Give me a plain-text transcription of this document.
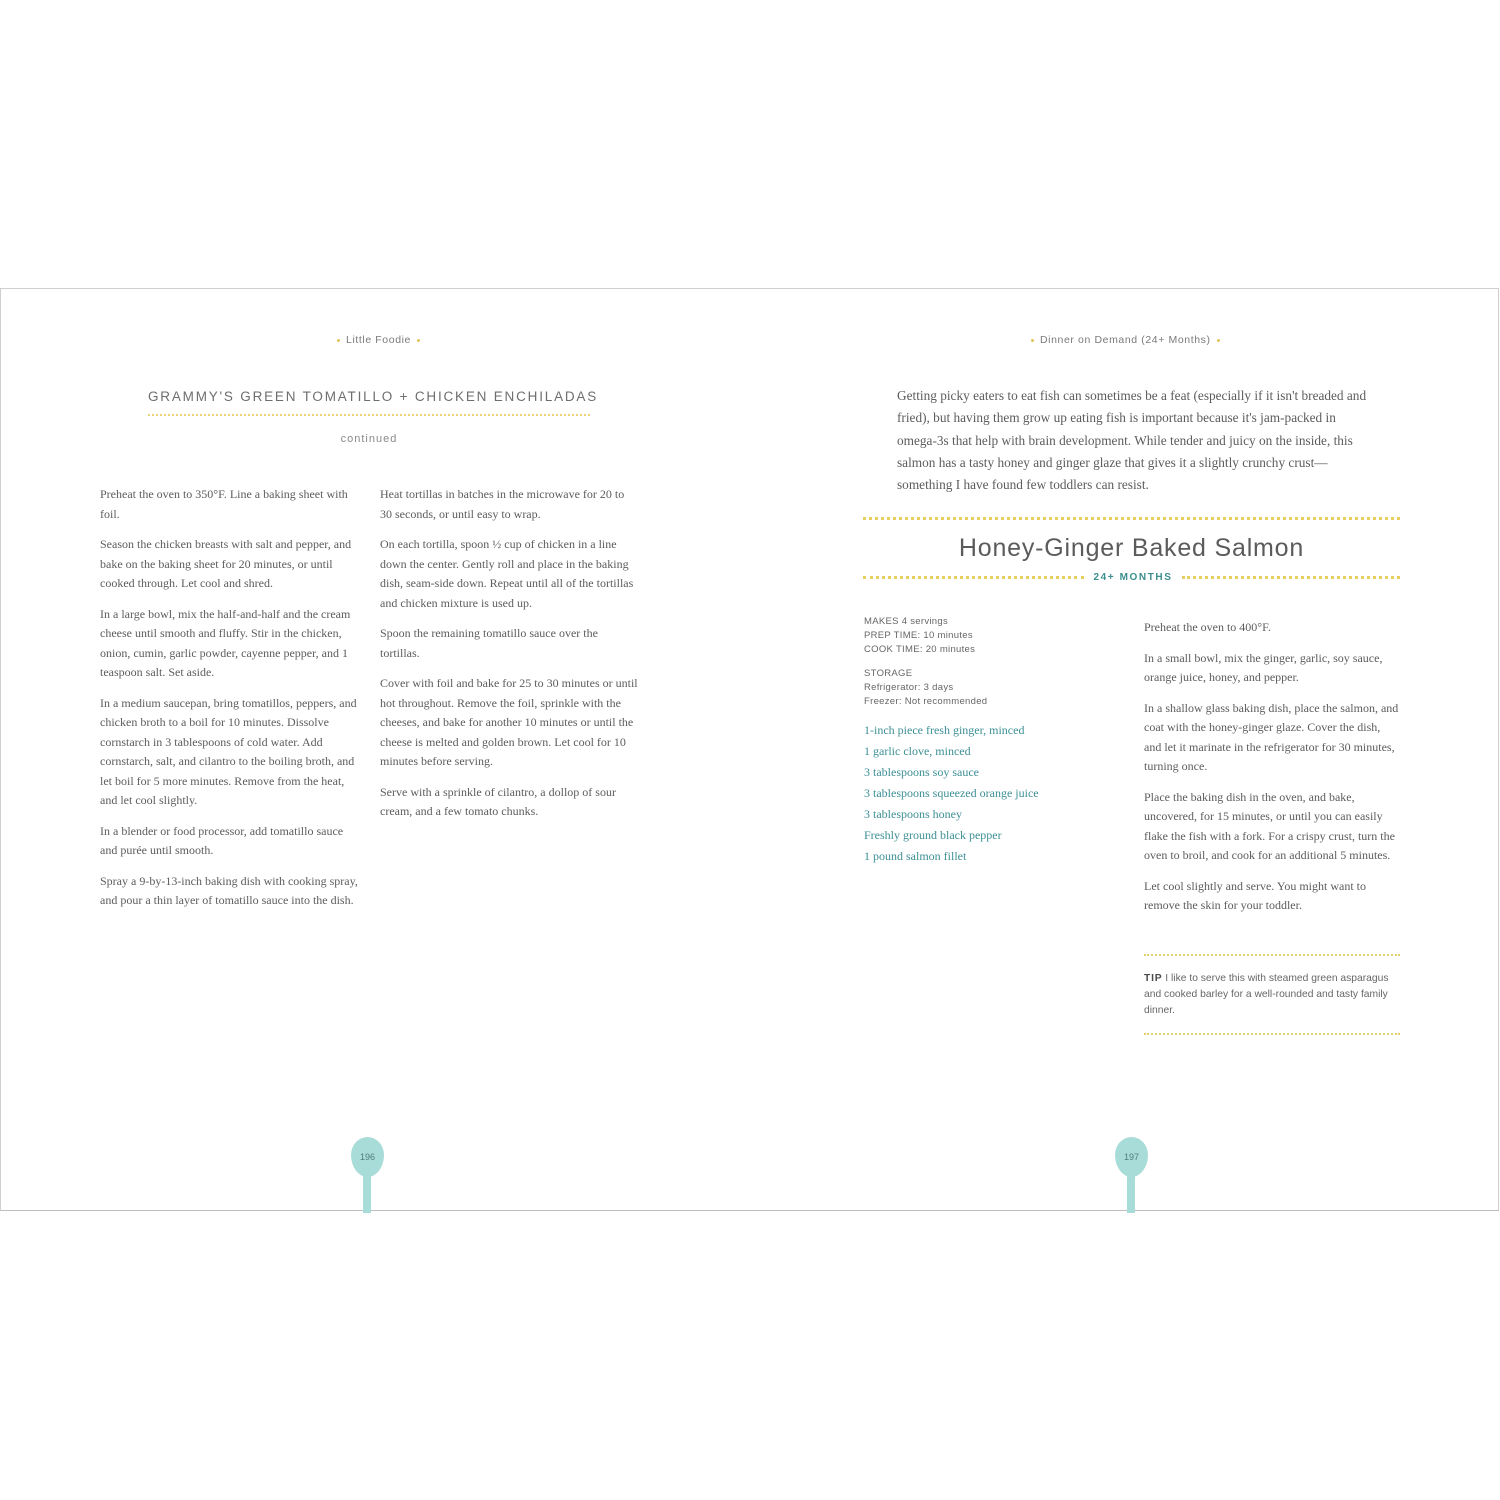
Little Foodie
GRAMMY'S GREEN TOMATILLO + CHICKEN ENCHILADAS
continued

Preheat the oven to 350°F. Line a baking sheet with foil.

Season the chicken breasts with salt and pepper, and bake on the baking sheet for 20 minutes, or until cooked through. Let cool and shred.

In a large bowl, mix the half-and-half and the cream cheese until smooth and fluffy. Stir in the chicken, onion, cumin, garlic powder, cayenne pepper, and 1 teaspoon salt. Set aside.

In a medium saucepan, bring tomatillos, peppers, and chicken broth to a boil for 10 minutes. Dissolve cornstarch in 3 tablespoons of cold water. Add cornstarch, salt, and cilantro to the boiling broth, and let boil for 5 more minutes. Remove from the heat, and let cool slightly.

In a blender or food processor, add tomatillo sauce and purée until smooth.

Spray a 9-by-13-inch baking dish with cooking spray, and pour a thin layer of tomatillo sauce into the dish.

Heat tortillas in batches in the microwave for 20 to 30 seconds, or until easy to wrap.

On each tortilla, spoon ½ cup of chicken in a line down the center. Gently roll and place in the baking dish, seam-side down. Repeat until all of the tortillas and chicken mixture is used up.

Spoon the remaining tomatillo sauce over the tortillas.

Cover with foil and bake for 25 to 30 minutes or until hot throughout. Remove the foil, sprinkle with the cheeses, and bake for another 10 minutes or until the cheese is melted and golden brown. Let cool for 10 minutes before serving.

Serve with a sprinkle of cilantro, a dollop of sour cream, and a few tomato chunks.

196
Dinner on Demand (24+ Months)
Getting picky eaters to eat fish can sometimes be a feat (especially if it isn't breaded and fried), but having them grow up eating fish is important because it's jam-packed in omega-3s that help with brain development. While tender and juicy on the inside, this salmon has a tasty honey and ginger glaze that gives it a slightly crunchy crust—something I have found few toddlers can resist.
Honey-Ginger Baked Salmon
24+ MONTHS
MAKES 4 servings
PREP TIME: 10 minutes
COOK TIME: 20 minutes
STORAGE
Refrigerator: 3 days
Freezer: Not recommended
1-inch piece fresh ginger, minced
1 garlic clove, minced
3 tablespoons soy sauce
3 tablespoons squeezed orange juice
3 tablespoons honey
Freshly ground black pepper
1 pound salmon fillet

Preheat the oven to 400°F.

In a small bowl, mix the ginger, garlic, soy sauce, orange juice, honey, and pepper.

In a shallow glass baking dish, place the salmon, and coat with the honey-ginger glaze. Cover the dish, and let it marinate in the refrigerator for 30 minutes, turning once.

Place the baking dish in the oven, and bake, uncovered, for 15 minutes, or until you can easily flake the fish with a fork. For a crispy crust, turn the oven to broil, and cook for an additional 5 minutes.

Let cool slightly and serve. You might want to remove the skin for your toddler.

TIP I like to serve this with steamed green asparagus and cooked barley for a well-rounded and tasty family dinner.
197
